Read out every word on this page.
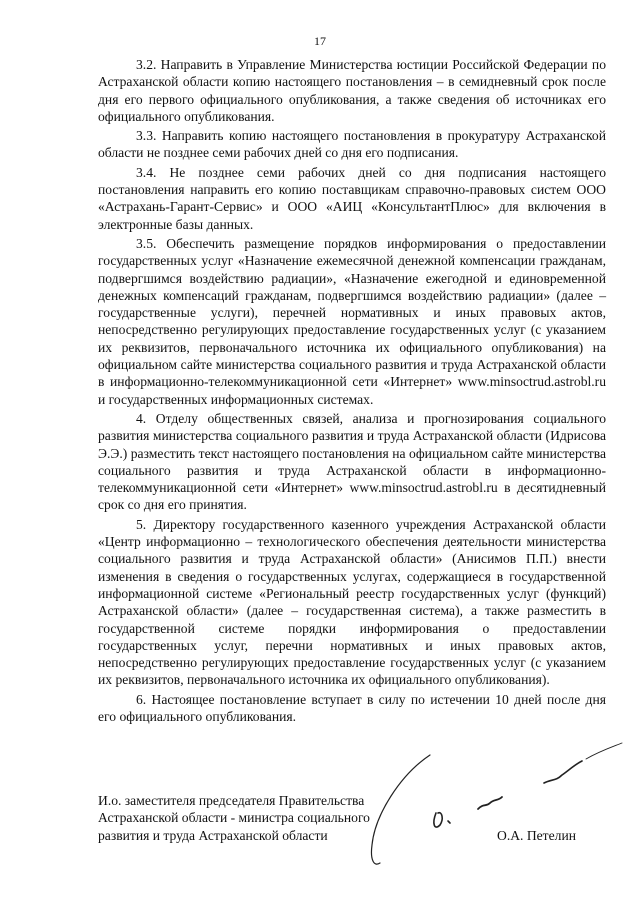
17

3.2. Направить в Управление Министерства юстиции Российской Федерации по Астраханской области копию настоящего постановления – в семидневный срок после дня его первого официального опубликования, а также сведения об источниках его официального опубликования.

3.3. Направить копию настоящего постановления в прокуратуру Астраханской области не позднее семи рабочих дней со дня его подписания.

3.4. Не позднее семи рабочих дней со дня подписания настоящего постановления направить его копию поставщикам справочно-правовых систем ООО «Астрахань-Гарант-Сервис» и ООО «АИЦ «КонсультантПлюс» для включения в электронные базы данных.

3.5. Обеспечить размещение порядков информирования о предоставлении государственных услуг «Назначение ежемесячной денежной компенсации гражданам, подвергшимся воздействию радиации», «Назначение ежегодной и единовременной денежных компенсаций гражданам, подвергшимся воздействию радиации» (далее – государственные услуги), перечней нормативных и иных правовых актов, непосредственно регулирующих предоставление государственных услуг (с указанием их реквизитов, первоначального источника их официального опубликования) на официальном сайте министерства социального развития и труда Астраханской области в информационно-телекоммуникационной сети «Интернет» www.minsoctrud.astrobl.ru и государственных информационных системах.

4. Отделу общественных связей, анализа и прогнозирования социального развития министерства социального развития и труда Астраханской области (Идрисова Э.Э.) разместить текст настоящего постановления на официальном сайте министерства социального развития и труда Астраханской области в информационно-телекоммуникационной сети «Интернет» www.minsoctrud.astrobl.ru в десятидневный срок со дня его принятия.

5. Директору государственного казенного учреждения Астраханской области «Центр информационно – технологического обеспечения деятельности министерства социального развития и труда Астраханской области» (Анисимов П.П.) внести изменения в сведения о государственных услугах, содержащиеся в государственной информационной системе «Региональный реестр государственных услуг (функций) Астраханской области» (далее – государственная система), а также разместить в государственной системе порядки информирования о предоставлении государственных услуг, перечни нормативных и иных правовых актов, непосредственно регулирующих предоставление государственных услуг (с указанием их реквизитов, первоначального источника их официального опубликования).

6. Настоящее постановление вступает в силу по истечении 10 дней после дня его официального опубликования.

И.о. заместителя председателя Правительства
Астраханской области - министра социального
развития и труда Астраханской области	О.А. Петелин
